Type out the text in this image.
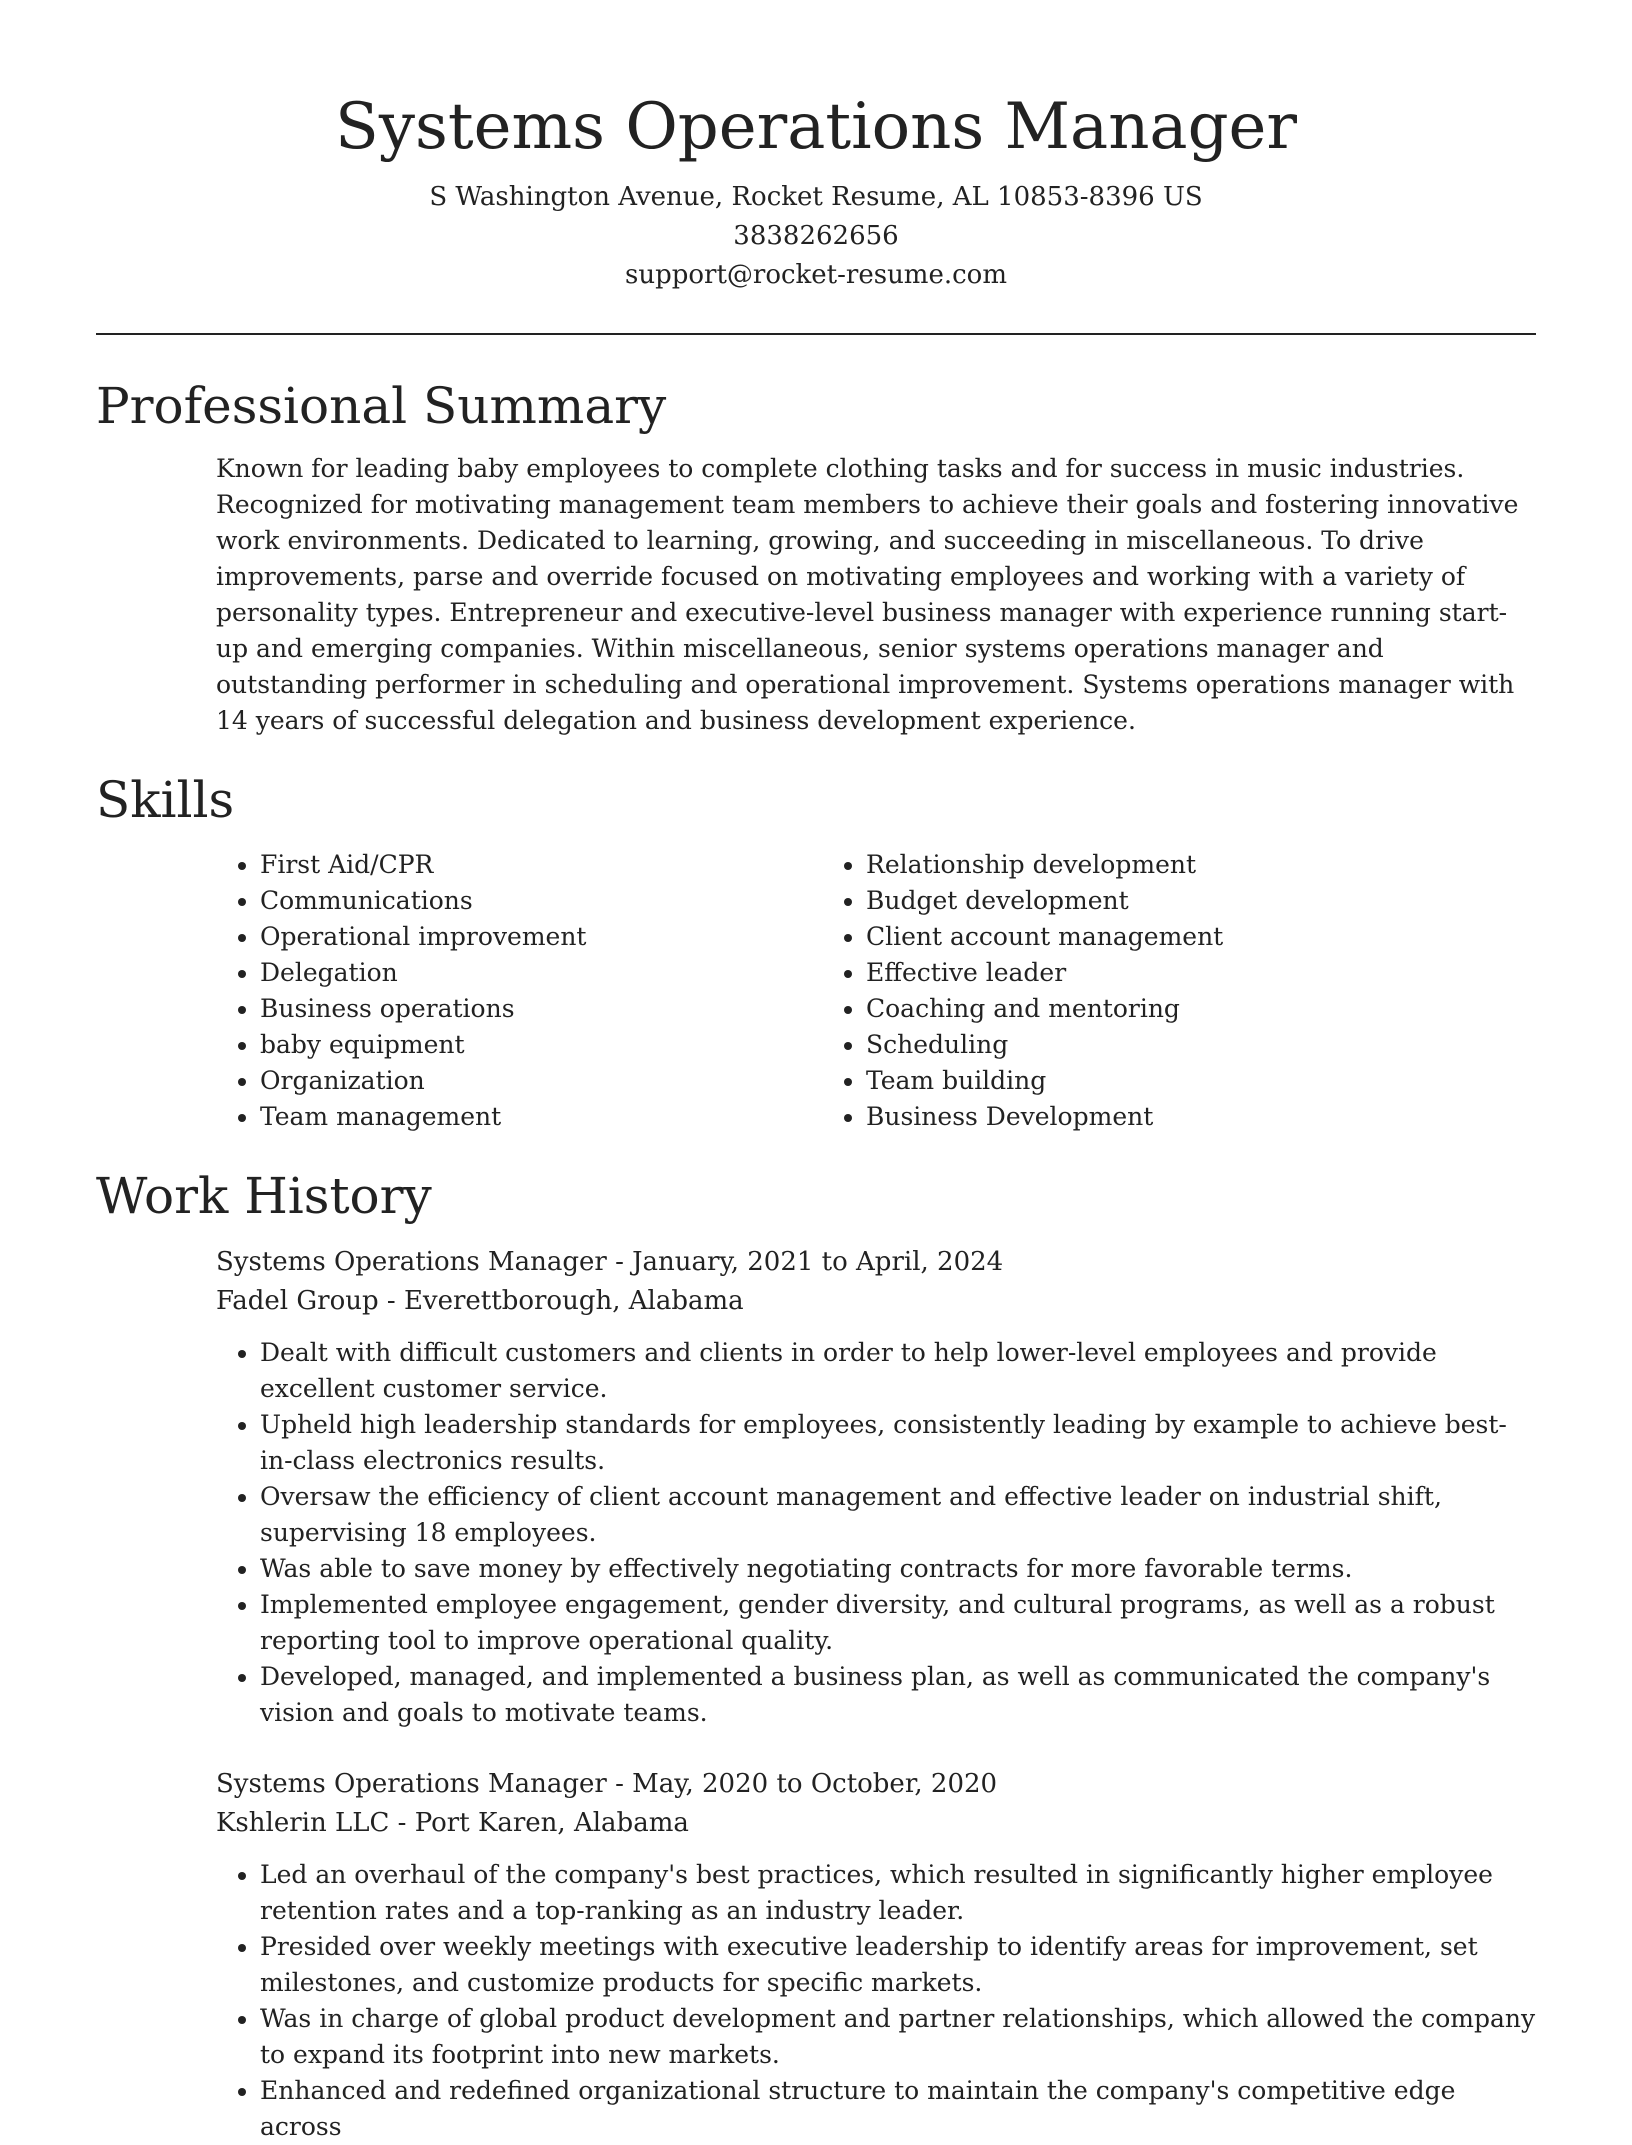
Systems Operations Manager

S Washington Avenue, Rocket Resume, AL 10853-8396 US

3838262656

support@rocket-resume.com

Professional Summary

Known for leading baby employees to complete clothing tasks and for success in music industries. Recognized for motivating management team members to achieve their goals and fostering innovative work environments. Dedicated to learning, growing, and succeeding in miscellaneous. To drive improvements, parse and override focused on motivating employees and working with a variety of personality types. Entrepreneur and executive-level business manager with experience running start-up and emerging companies. Within miscellaneous, senior systems operations manager and outstanding performer in scheduling and operational improvement. Systems operations manager with 14 years of successful delegation and business development experience.

Skills
• First Aid/CPR
• Communications
• Operational improvement
• Delegation
• Business operations
• baby equipment
• Organization
• Team management
• Relationship development
• Budget development
• Client account management
• Effective leader
• Coaching and mentoring
• Scheduling
• Team building
• Business Development
Work History
Systems Operations Manager - January, 2021 to April, 2024
Fadel Group - Everettborough, Alabama
• Dealt with difficult customers and clients in order to help lower-level employees and provide excellent customer service.
• Upheld high leadership standards for employees, consistently leading by example to achieve best-in-class electronics results.
• Oversaw the efficiency of client account management and effective leader on industrial shift, supervising 18 employees.
• Was able to save money by effectively negotiating contracts for more favorable terms.
• Implemented employee engagement, gender diversity, and cultural programs, as well as a robust reporting tool to improve operational quality.
• Developed, managed, and implemented a business plan, as well as communicated the company's vision and goals to motivate teams.
Systems Operations Manager - May, 2020 to October, 2020
Kshlerin LLC - Port Karen, Alabama
• Led an overhaul of the company's best practices, which resulted in significantly higher employee retention rates and a top-ranking as an industry leader.
• Presided over weekly meetings with executive leadership to identify areas for improvement, set milestones, and customize products for specific markets.
• Was in charge of global product development and partner relationships, which allowed the company to expand its footprint into new markets.
• Enhanced and redefined organizational structure to maintain the company's competitive edge across
